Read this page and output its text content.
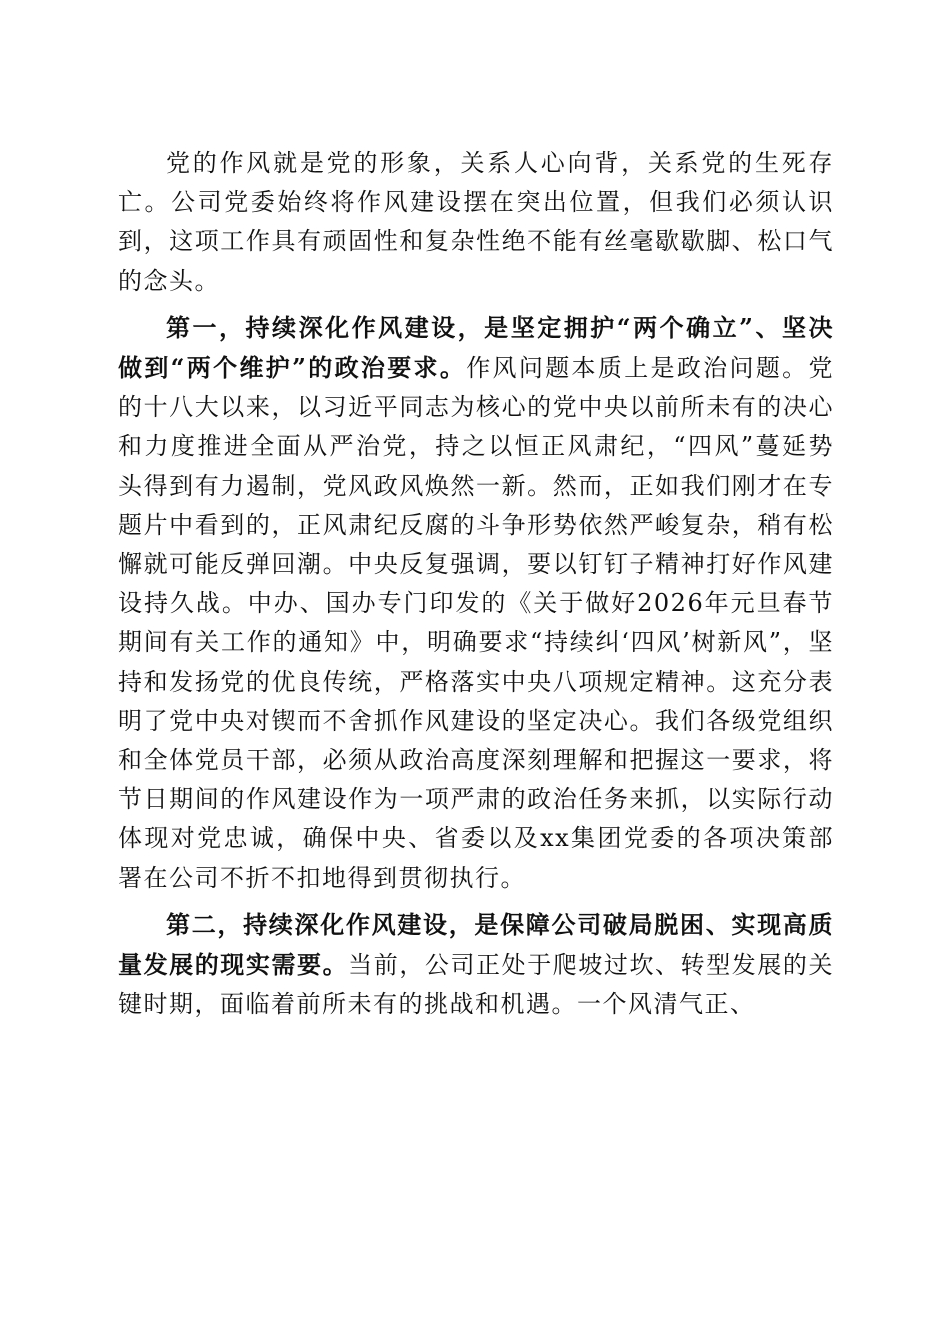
党的作风就是党的形象，关系人心向背，关系党的生死存亡。公司党委始终将作风建设摆在突出位置，但我们必须认识到，这项工作具有顽固性和复杂性绝不能有丝毫歇歇脚、松口气的念头。

第一，持续深化作风建设，是坚定拥护“两个确立”、坚决做到“两个维护”的政治要求。作风问题本质上是政治问题。党的十八大以来，以习近平同志为核心的党中央以前所未有的决心和力度推进全面从严治党，持之以恒正风肃纪，“四风”蔓延势头得到有力遏制，党风政风焕然一新。然而，正如我们刚才在专题片中看到的，正风肃纪反腐的斗争形势依然严峻复杂，稍有松懈就可能反弹回潮。中央反复强调，要以钉钉子精神打好作风建设持久战。中办、国办专门印发的《关于做好2026年元旦春节期间有关工作的通知》中，明确要求“持续纠‘四风’树新风”，坚持和发扬党的优良传统，严格落实中央八项规定精神。这充分表明了党中央对锲而不舍抓作风建设的坚定决心。我们各级党组织和全体党员干部，必须从政治高度深刻理解和把握这一要求，将节日期间的作风建设作为一项严肃的政治任务来抓，以实际行动体现对党忠诚，确保中央、省委以及xx集团党委的各项决策部署在公司不折不扣地得到贯彻执行。

第二，持续深化作风建设，是保障公司破局脱困、实现高质量发展的现实需要。当前，公司正处于爬坡过坎、转型发展的关键时期，面临着前所未有的挑战和机遇。一个风清气正、
